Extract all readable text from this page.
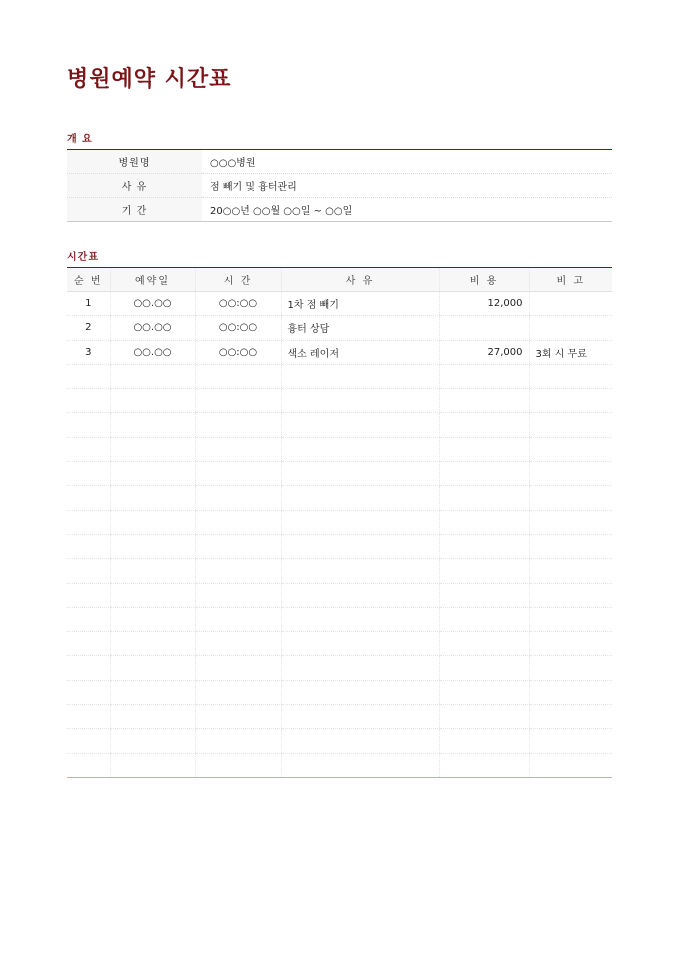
병원예약 시간표
개 요
병원명	○○○병원
사 유	점 빼기 및 흉터관리
기 간	20○○년 ○○월 ○○일 ~ ○○일
시간표
순 번	예약일	시 간	사 유	비 용	비 고
1	○○.○○	○○:○○	1차 점 빼기	12,000	
2	○○.○○	○○:○○	흉터 상담		
3	○○.○○	○○:○○	색소 레이저	27,000	3회 시 무료
